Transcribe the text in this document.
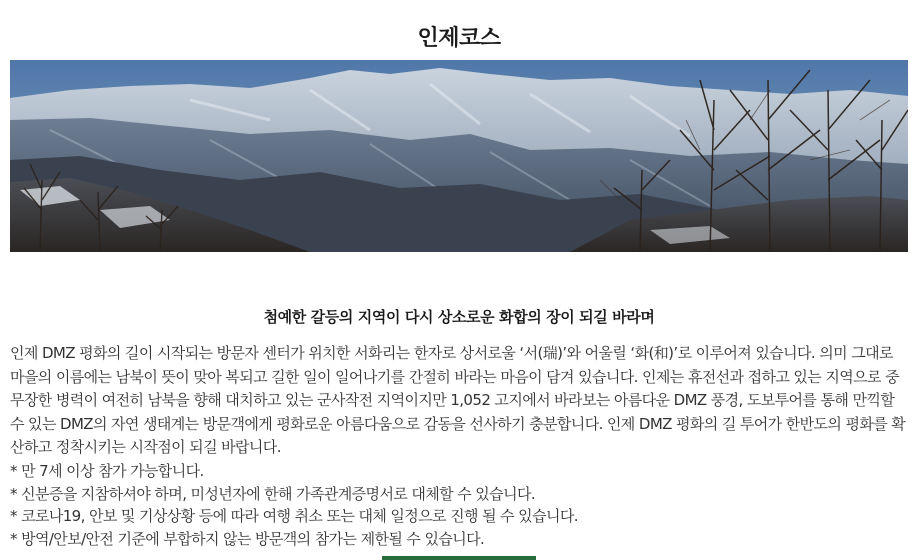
인제코스
첨예한 갈등의 지역이 다시 상소로운 화합의 장이 되길 바라며

인제 DMZ 평화의 길이 시작되는 방문자 센터가 위치한 서화리는 한자로 상서로울 ‘서(瑞)’와 어울릴 ‘화(和)’로 이루어져 있습니다. 의미 그대로 마을의 이름에는 남북이 뜻이 맞아 복되고 길한 일이 일어나기를 간절히 바라는 마음이 담겨 있습니다. 인제는 휴전선과 접하고 있는 지역으로 중무장한 병력이 여전히 남북을 향해 대치하고 있는 군사작전 지역이지만 1,052 고지에서 바라보는 아름다운 DMZ 풍경, 도보투어를 통해 만끽할 수 있는 DMZ의 자연 생태계는 방문객에게 평화로운 아름다움으로 감동을 선사하기 충분합니다. 인제 DMZ 평화의 길 투어가 한반도의 평화를 확산하고 정착시키는 시작점이 되길 바랍니다.

* 만 7세 이상 참가 가능합니다.
* 신분증을 지참하셔야 하며, 미성년자에 한해 가족관계증명서로 대체할 수 있습니다.
* 코로나19, 안보 및 기상상황 등에 따라 여행 취소 또는 대체 일정으로 진행 될 수 있습니다.
* 방역/안보/안전 기준에 부합하지 않는 방문객의 참가는 제한될 수 있습니다.
